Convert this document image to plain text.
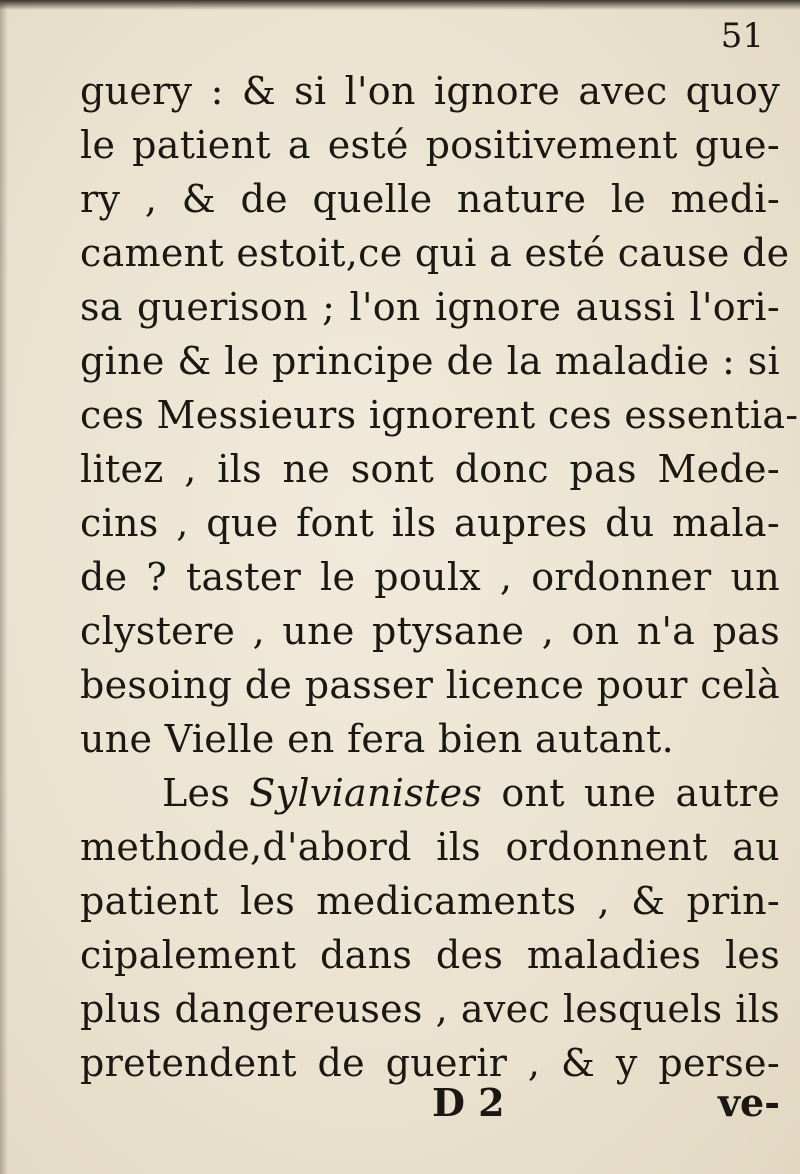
51
guery : & si l'on ignore avec quoy
le patient a esté positivement gue-
ry , & de quelle nature le medi-
cament estoit,ce qui a esté cause de
sa guerison ; l'on ignore aussi l'ori-
gine & le principe de la maladie : si
ces Messieurs ignorent ces essentia-
litez , ils ne sont donc pas Mede-
cins , que font ils aupres du mala-
de ? taster le poulx , ordonner un
clystere , une ptysane , on n'a pas
besoing de passer licence pour celà
une Vielle en fera bien autant.
Les Sylvianistes ont une autre
methode,d'abord ils ordonnent au
patient les medicaments , & prin-
cipalement dans des maladies les
plus dangereuses , avec lesquels ils
pretendent de guerir , & y perse-
D 2	ve-
